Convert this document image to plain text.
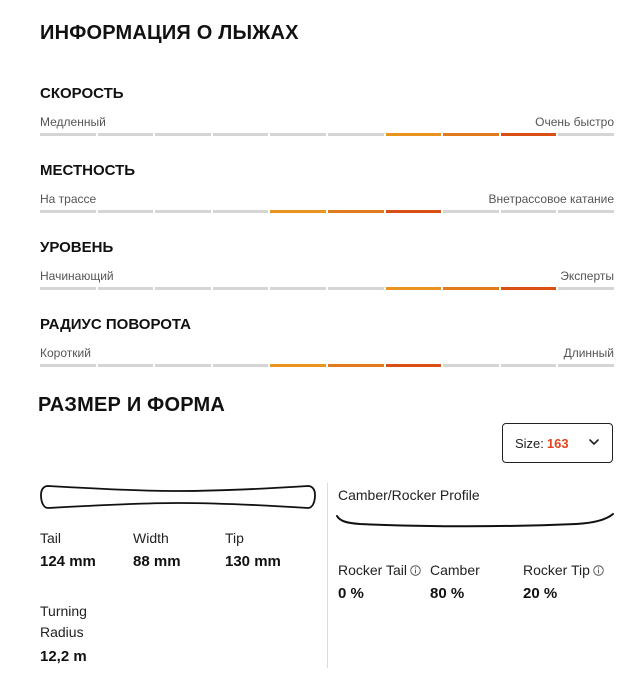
ИНФОРМАЦИЯ О ЛЫЖАХ
СКОРОСТЬ
Медленный	Очень быстро
МЕСТНОСТЬ
На трассе	Внетрассовое катание
УРОВЕНЬ
Начинающий	Эксперты
РАДИУС ПОВОРОТА
Короткий	Длинный
РАЗМЕР И ФОРМА
Size: 163
Tail
124 mm
Width
88 mm
Tip
130 mm
Turning
Radius
12,2 m
Camber/Rocker Profile
Rocker Tail
0 %
Camber
80 %
Rocker Tip
20 %
